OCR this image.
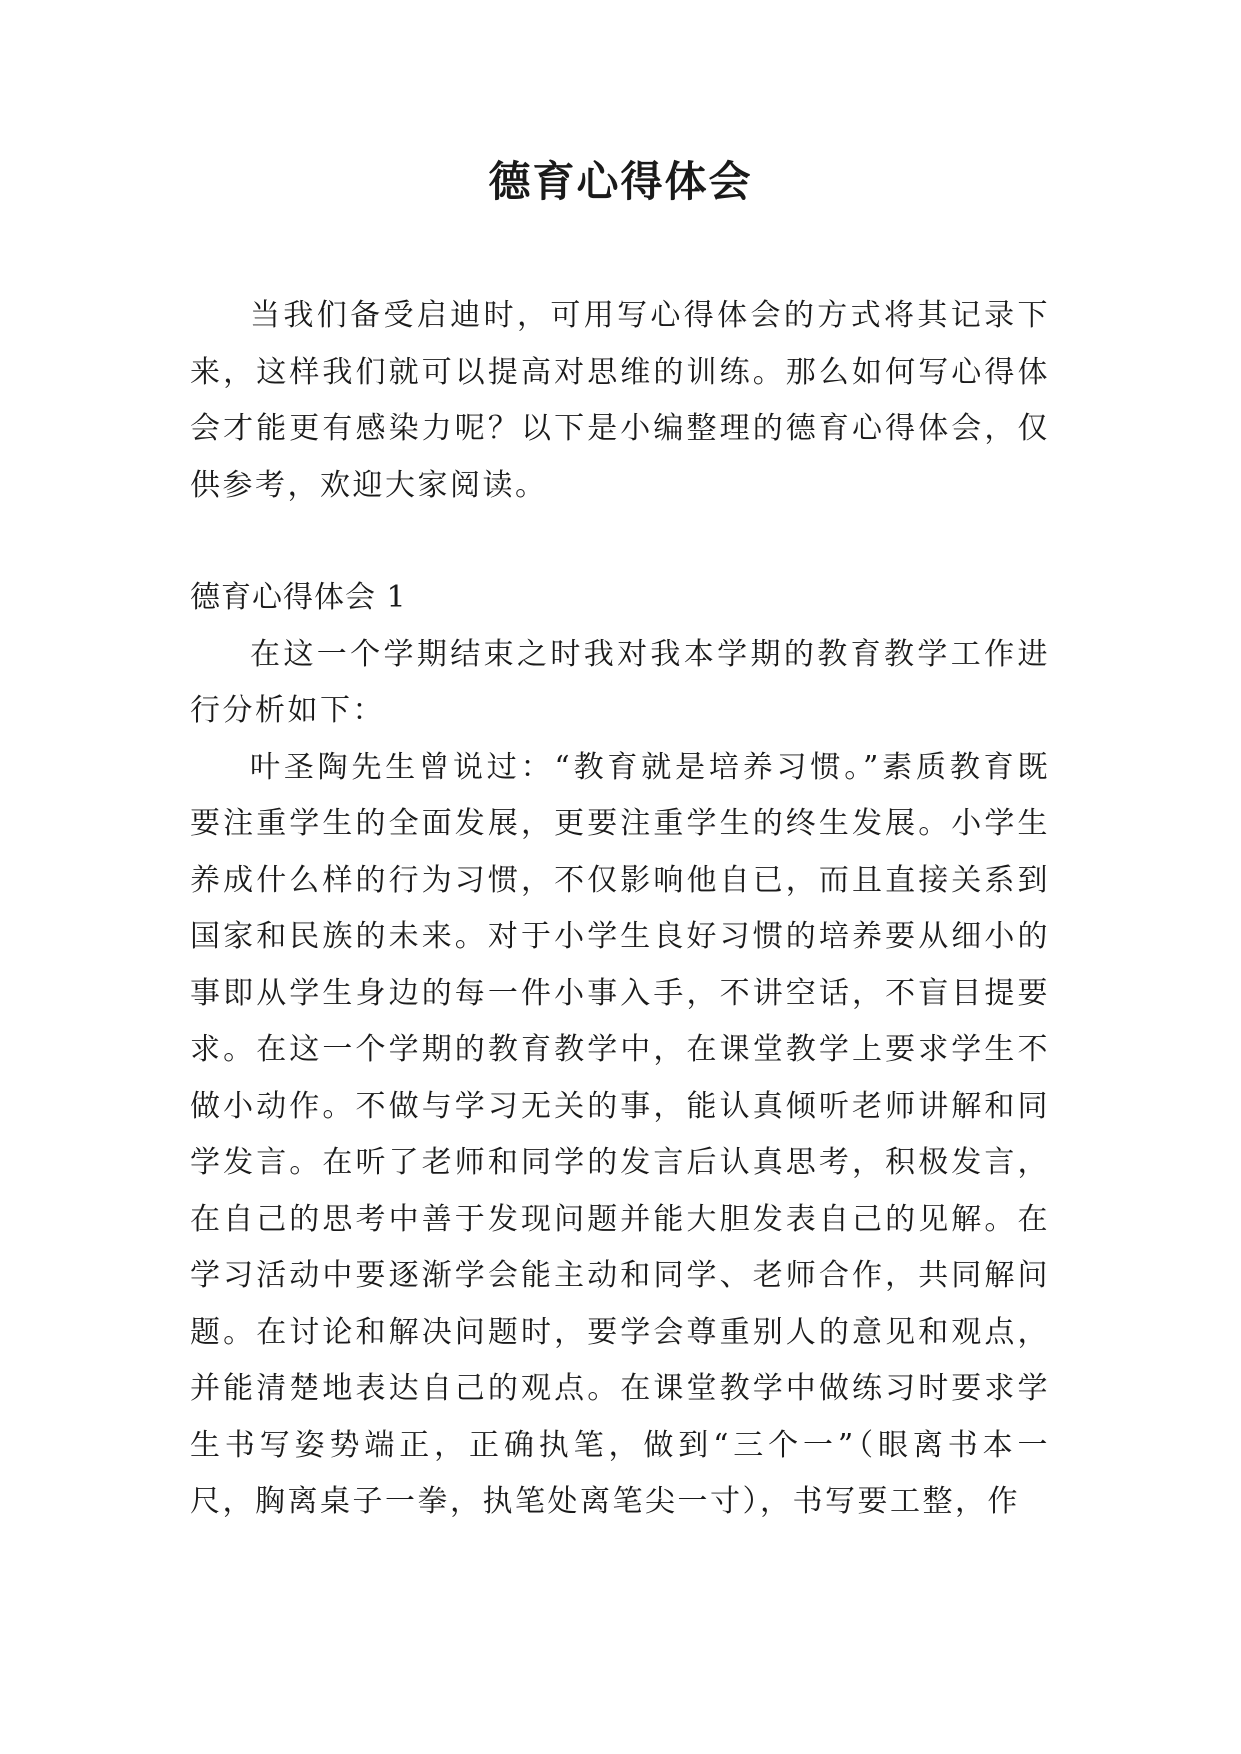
德育心得体会

当我们备受启迪时，可用写心得体会的方式将其记录下来，这样我们就可以提高对思维的训练。那么如何写心得体会才能更有感染力呢？以下是小编整理的德育心得体会，仅供参考，欢迎大家阅读。

德育心得体会 1

在这一个学期结束之时我对我本学期的教育教学工作进行分析如下：

叶圣陶先生曾说过：“教育就是培养习惯。”素质教育既要注重学生的全面发展，更要注重学生的终生发展。小学生养成什么样的行为习惯，不仅影响他自已，而且直接关系到国家和民族的未来。对于小学生良好习惯的培养要从细小的事即从学生身边的每一件小事入手，不讲空话，不盲目提要求。在这一个学期的教育教学中，在课堂教学上要求学生不做小动作。不做与学习无关的事，能认真倾听老师讲解和同学发言。在听了老师和同学的发言后认真思考，积极发言，在自己的思考中善于发现问题并能大胆发表自己的见解。在学习活动中要逐渐学会能主动和同学、老师合作，共同解问题。在讨论和解决问题时，要学会尊重别人的意见和观点，并能清楚地表达自己的观点。在课堂教学中做练习时要求学生书写姿势端正，正确执笔，做到“三个一”（眼离书本一尺，胸离桌子一拳，执笔处离笔尖一寸），书写要工整，作
